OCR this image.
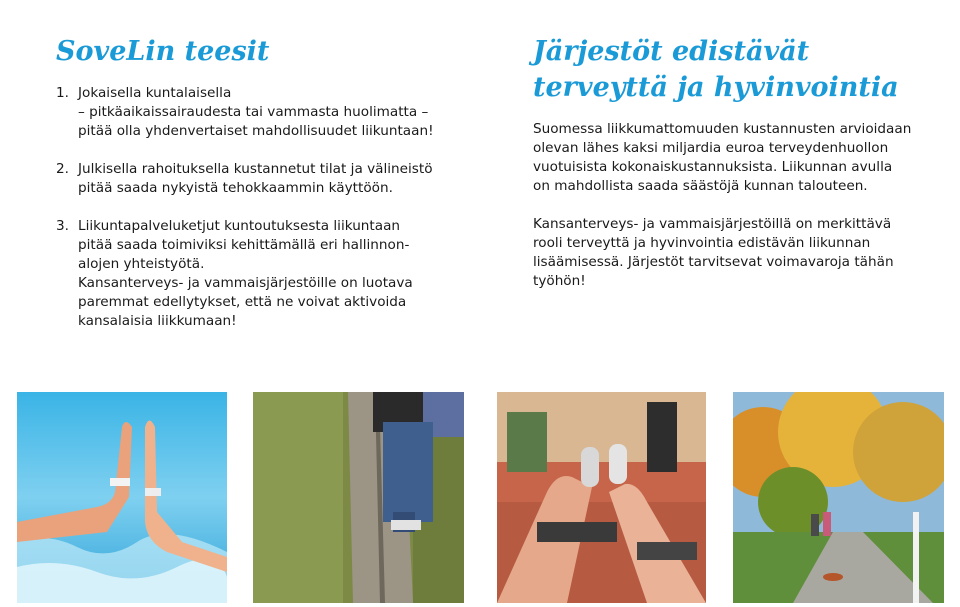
SoveLin teesit
1. Jokaisella kuntalaisella
– pitkäaikaissairaudesta tai vammasta huolimatta –
pitää olla yhdenvertaiset mahdollisuudet liikuntaan!
2. Julkisella rahoituksella kustannetut tilat ja välineistö
pitää saada nykyistä tehokkaammin käyttöön.
3. Liikuntapalveluketjut kuntoutuksesta liikuntaan
pitää saada toimiviksi kehittämällä eri hallinnon-
alojen yhteistyötä.
Kansanterveys- ja vammaisjärjestöille on luotava
paremmat edellytykset, että ne voivat aktivoida
kansalaisia liikkumaan!
Järjestöt edistävät
terveyttä ja hyvinvointia

Suomessa liikkumattomuuden kustannusten arvioidaan
olevan lähes kaksi miljardia euroa terveydenhuollon
vuotuisista kokonaiskustannuksista. Liikunnan avulla
on mahdollista saada säästöjä kunnan talouteen.

Kansanterveys- ja vammaisjärjestöillä on merkittävä
rooli terveyttä ja hyvinvointia edistävän liikunnan
lisäämisessä. Järjestöt tarvitsevat voimavaroja tähän
työhön!
